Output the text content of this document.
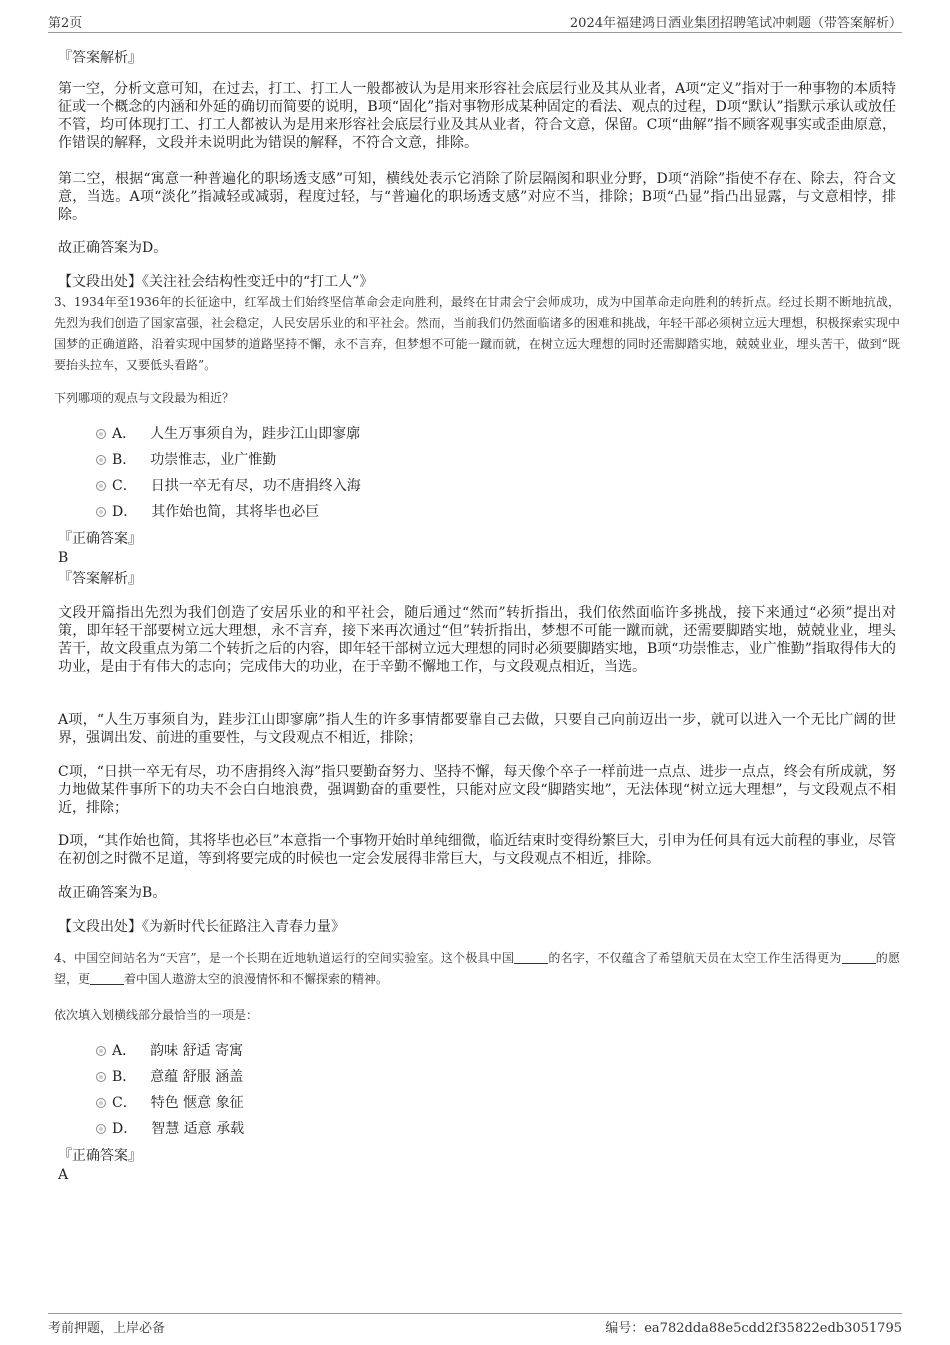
第2页	2024年福建鸿日酒业集团招聘笔试冲刺题（带答案解析）

『答案解析』

第一空，分析文意可知，在过去，打工、打工人一般都被认为是用来形容社会底层行业及其从业者，A项“定义”指对于一种事物的本质特征或一个概念的内涵和外延的确切而简要的说明，B项“固化”指对事物形成某种固定的看法、观点的过程，D项“默认”指默示承认或放任不管，均可体现打工、打工人都被认为是用来形容社会底层行业及其从业者，符合文意，保留。C项“曲解”指不顾客观事实或歪曲原意，作错误的解释，文段并未说明此为错误的解释，不符合文意，排除。

第二空，根据“寓意一种普遍化的职场透支感”可知，横线处表示它消除了阶层隔阂和职业分野，D项“消除”指使不存在、除去，符合文意，当选。A项“淡化”指减轻或减弱，程度过轻，与“普遍化的职场透支感”对应不当，排除；B项“凸显”指凸出显露，与文意相悖，排除。

故正确答案为D。

【文段出处】《关注社会结构性变迁中的“打工人”》

3、1934年至1936年的长征途中，红军战士们始终坚信革命会走向胜利，最终在甘肃会宁会师成功，成为中国革命走向胜利的转折点。经过长期不断地抗战，先烈为我们创造了国家富强，社会稳定，人民安居乐业的和平社会。然而，当前我们仍然面临诸多的困难和挑战，年轻干部必须树立远大理想，积极探索实现中国梦的正确道路，沿着实现中国梦的道路坚持不懈，永不言弃，但梦想不可能一蹴而就，在树立远大理想的同时还需脚踏实地，兢兢业业，埋头苦干，做到“既要抬头拉车，又要低头看路”。

下列哪项的观点与文段最为相近？

A． 人生万事须自为，跬步江山即寥廓
B． 功崇惟志，业广惟勤
C． 日拱一卒无有尽，功不唐捐终入海
D． 其作始也简，其将毕也必巨

『正确答案』

B

『答案解析』

文段开篇指出先烈为我们创造了安居乐业的和平社会，随后通过“然而”转折指出，我们依然面临许多挑战，接下来通过“必须”提出对策，即年轻干部要树立远大理想，永不言弃，接下来再次通过“但”转折指出，梦想不可能一蹴而就，还需要脚踏实地，兢兢业业，埋头苦干，故文段重点为第二个转折之后的内容，即年轻干部树立远大理想的同时必须要脚踏实地，B项“功崇惟志，业广惟勤”指取得伟大的功业，是由于有伟大的志向；完成伟大的功业，在于辛勤不懈地工作，与文段观点相近，当选。

A项，“人生万事须自为，跬步江山即寥廓”指人生的许多事情都要靠自己去做，只要自己向前迈出一步，就可以进入一个无比广阔的世界，强调出发、前进的重要性，与文段观点不相近，排除；

C项，“日拱一卒无有尽，功不唐捐终入海”指只要勤奋努力、坚持不懈，每天像个卒子一样前进一点点、进步一点点，终会有所成就，努力地做某件事所下的功夫不会白白地浪费，强调勤奋的重要性，只能对应文段“脚踏实地”，无法体现“树立远大理想”，与文段观点不相近，排除；

D项，“其作始也简，其将毕也必巨”本意指一个事物开始时单纯细微，临近结束时变得纷繁巨大，引申为任何具有远大前程的事业，尽管在初创之时微不足道，等到将要完成的时候也一定会发展得非常巨大，与文段观点不相近，排除。

故正确答案为B。

【文段出处】《为新时代长征路注入青春力量》

4、中国空间站名为“天宫”，是一个长期在近地轨道运行的空间实验室。这个极具中国	的名字，不仅蕴含了希望航天员在太空工作生活得更为	的愿望，更	着中国人遨游太空的浪漫情怀和不懈探索的精神。

依次填入划横线部分最恰当的一项是：

A． 韵味 舒适 寄寓
B． 意蕴 舒服 涵盖
C． 特色 惬意 象征
D． 智慧 适意 承载

『正确答案』

A

考前押题，上岸必备	编号：ea782dda88e5cdd2f35822edb3051795
